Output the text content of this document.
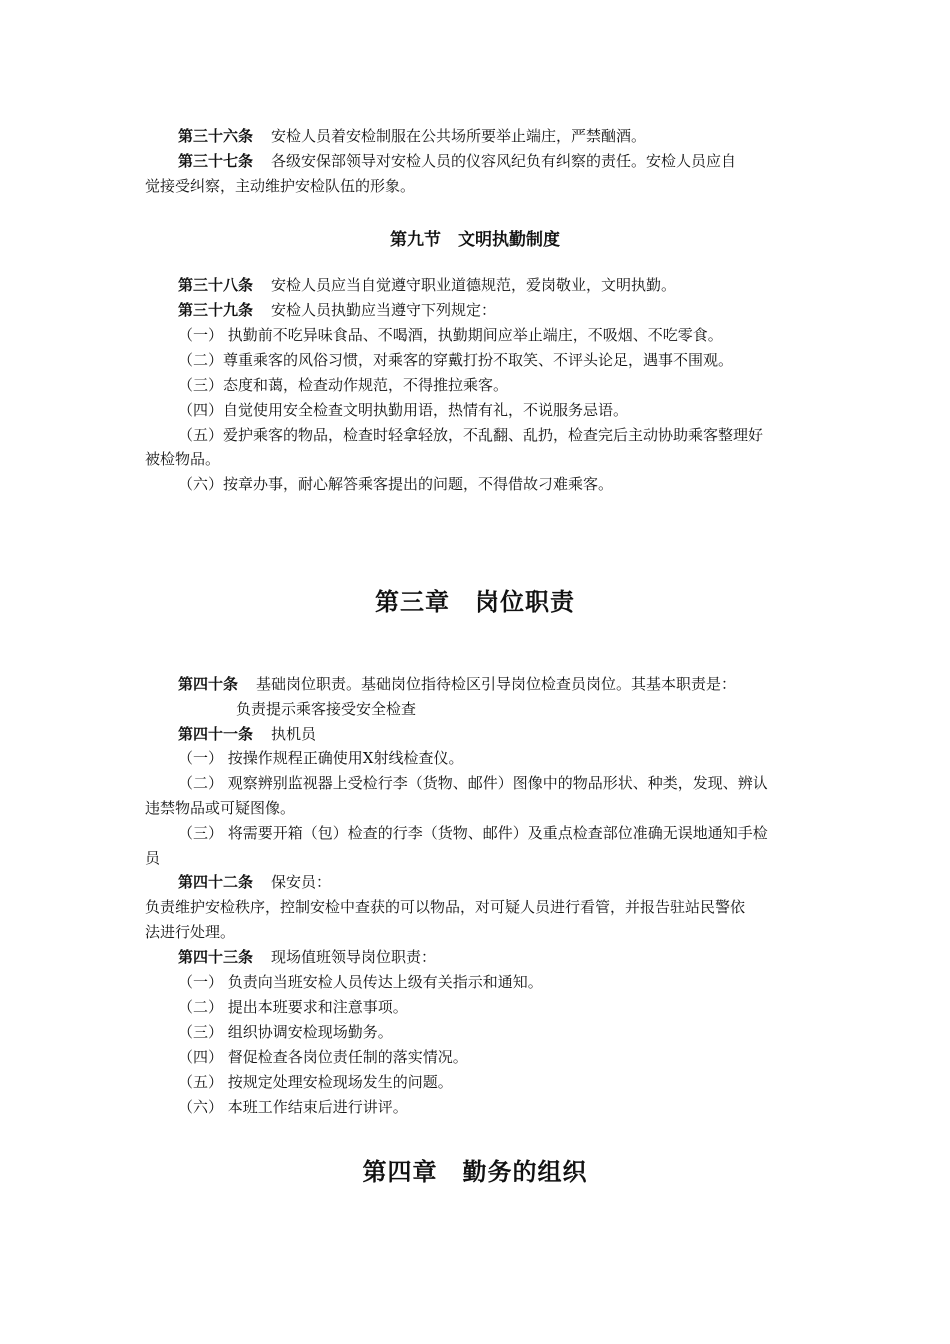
第三十六条 安检人员着安检制服在公共场所要举止端庄，严禁酗酒。
第三十七条 各级安保部领导对安检人员的仪容风纪负有纠察的责任。安检人员应自
觉接受纠察，主动维护安检队伍的形象。
第九节　文明执勤制度
第三十八条 安检人员应当自觉遵守职业道德规范，爱岗敬业，文明执勤。
第三十九条 安检人员执勤应当遵守下列规定：
（一） 执勤前不吃异味食品、不喝酒，执勤期间应举止端庄，不吸烟、不吃零食。
（二）尊重乘客的风俗习惯，对乘客的穿戴打扮不取笑、不评头论足，遇事不围观。
（三）态度和蔼，检查动作规范，不得推拉乘客。
（四）自觉使用安全检查文明执勤用语，热情有礼，不说服务忌语。
（五）爱护乘客的物品，检查时轻拿轻放，不乱翻、乱扔，检查完后主动协助乘客整理好
被检物品。
（六）按章办事，耐心解答乘客提出的问题，不得借故刁难乘客。
第三章　岗位职责
第四十条 基础岗位职责。基础岗位指待检区引导岗位检查员岗位。其基本职责是：
负责提示乘客接受安全检查
第四十一条 执机员
（一） 按操作规程正确使用X射线检查仪。
（二） 观察辨别监视器上受检行李（货物、邮件）图像中的物品形状、种类，发现、辨认
违禁物品或可疑图像。
（三） 将需要开箱（包）检查的行李（货物、邮件）及重点检查部位准确无误地通知手检
员
第四十二条 保安员：
负责维护安检秩序，控制安检中查获的可以物品，对可疑人员进行看管，并报告驻站民警依
法进行处理。
第四十三条 现场值班领导岗位职责：
（一） 负责向当班安检人员传达上级有关指示和通知。
（二） 提出本班要求和注意事项。
（三） 组织协调安检现场勤务。
（四） 督促检查各岗位责任制的落实情况。
（五） 按规定处理安检现场发生的问题。
（六） 本班工作结束后进行讲评。
第四章　勤务的组织
